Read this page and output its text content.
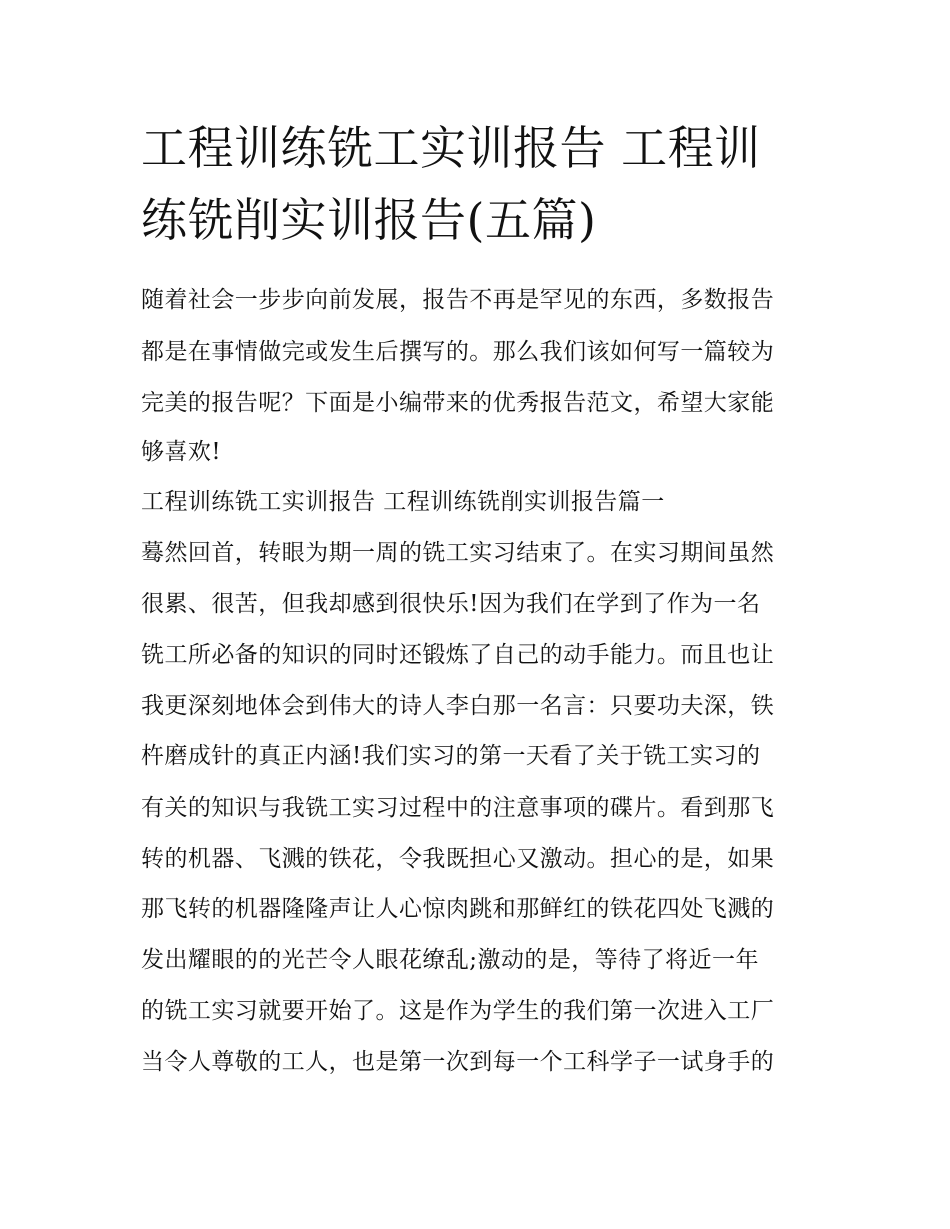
工程训练铣工实训报告 工程训
练铣削实训报告(五篇)

随着社会一步步向前发展，报告不再是罕见的东西，多数报告

都是在事情做完或发生后撰写的。那么我们该如何写一篇较为

完美的报告呢？下面是小编带来的优秀报告范文，希望大家能

够喜欢!

工程训练铣工实训报告 工程训练铣削实训报告篇一

蓦然回首，转眼为期一周的铣工实习结束了。在实习期间虽然

很累、很苦，但我却感到很快乐!因为我们在学到了作为一名

铣工所必备的知识的同时还锻炼了自己的动手能力。而且也让

我更深刻地体会到伟大的诗人李白那一名言：只要功夫深，铁

杵磨成针的真正内涵!我们实习的第一天看了关于铣工实习的

有关的知识与我铣工实习过程中的注意事项的碟片。看到那飞

转的机器、飞溅的铁花，令我既担心又激动。担心的是，如果

那飞转的机器隆隆声让人心惊肉跳和那鲜红的铁花四处飞溅的

发出耀眼的的光芒令人眼花缭乱;激动的是，等待了将近一年

的铣工实习就要开始了。这是作为学生的我们第一次进入工厂

当令人尊敬的工人，也是第一次到每一个工科学子一试身手的
